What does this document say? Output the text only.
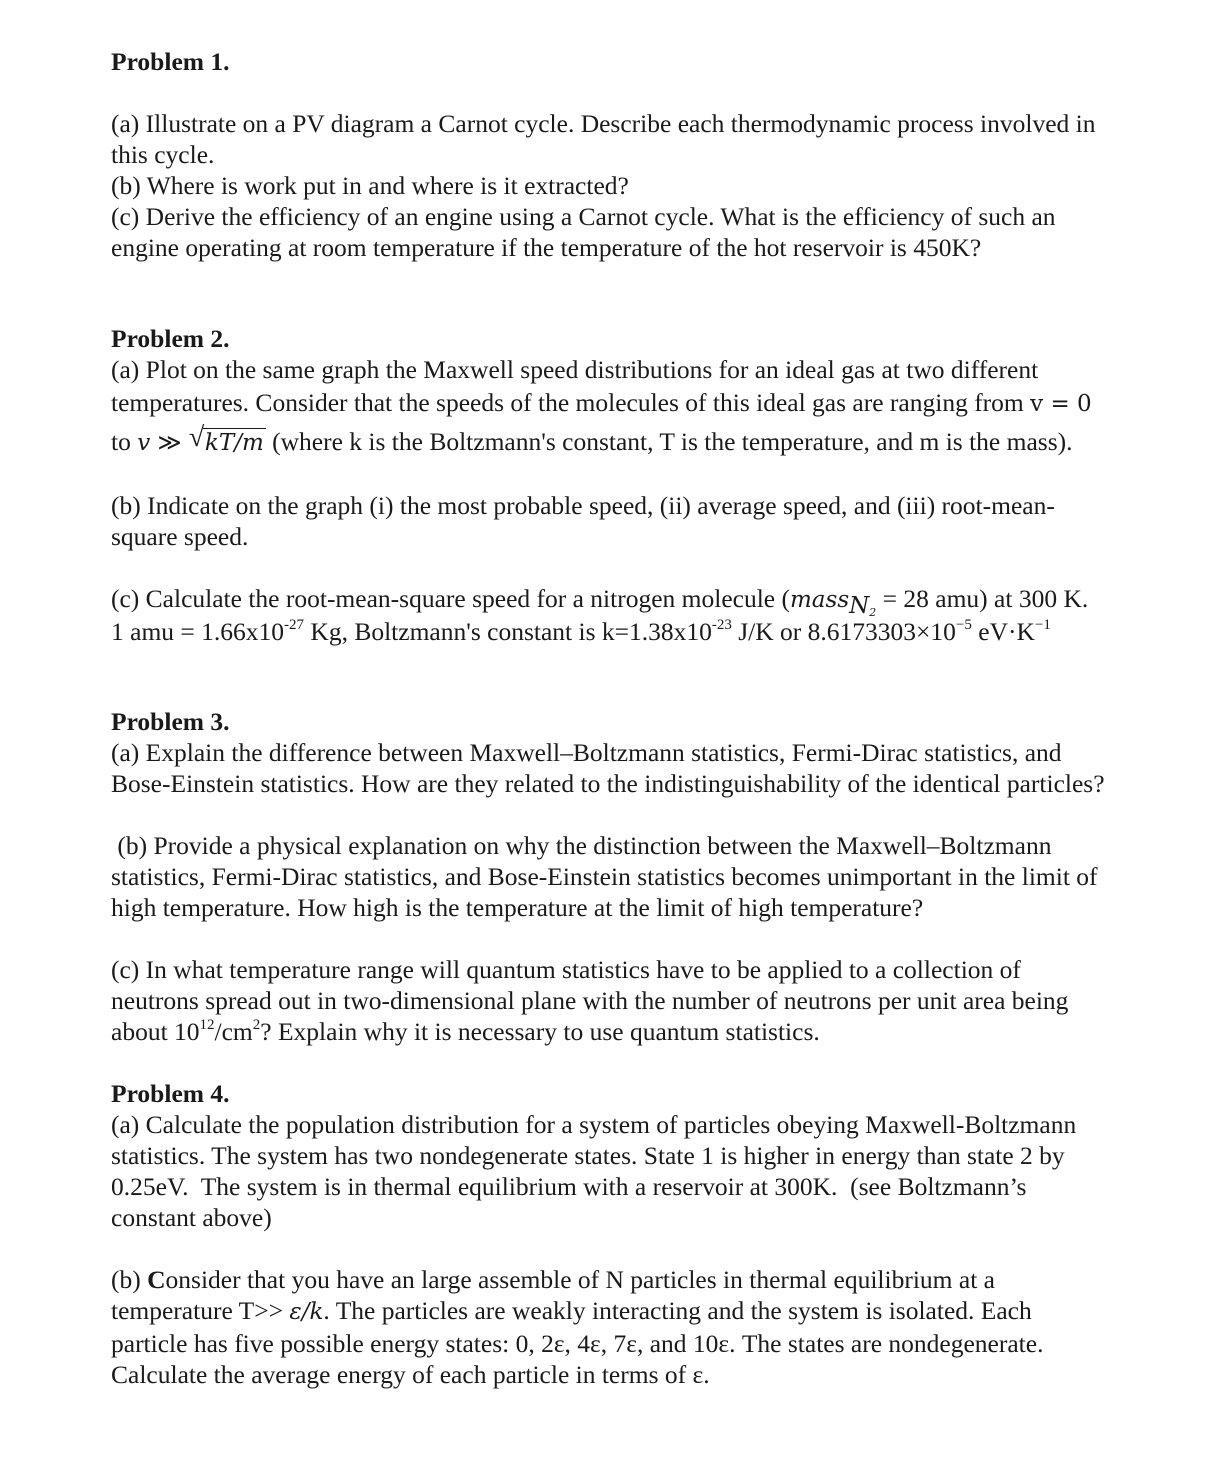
Problem 1.
(a) Illustrate on a PV diagram a Carnot cycle. Describe each thermodynamic process involved in
this cycle.
(b) Where is work put in and where is it extracted?
(c) Derive the efficiency of an engine using a Carnot cycle. What is the efficiency of such an
engine operating at room temperature if the temperature of the hot reservoir is 450K?
Problem 2.
(a) Plot on the same graph the Maxwell speed distributions for an ideal gas at two different
temperatures. Consider that the speeds of the molecules of this ideal gas are ranging from v = 0
to v ≫ √ kT/m (where k is the Boltzmann's constant, T is the temperature, and m is the mass).
(b) Indicate on the graph (i) the most probable speed, (ii) average speed, and (iii) root-mean-
square speed.
(c) Calculate the root-mean-square speed for a nitrogen molecule (mass$_{N2}$ = 28 amu) at 300 K.
1 amu = $1.66x10^{-27}$ Kg, Boltzmann's constant is $k=1.38x10^{-23}$ J/K or $8.6173303\times 10^{-5}$ $eV\cdot K^{-1}$
Problem 3.
(a) Explain the difference between Maxwell–Boltzmann statistics, Fermi-Dirac statistics, and
Bose-Einstein statistics. How are they related to the indistinguishability of the identical particles?
(b) Provide a physical explanation on why the distinction between the Maxwell–Boltzmann
statistics, Fermi-Dirac statistics, and Bose-Einstein statistics becomes unimportant in the limit of
high temperature. How high is the temperature at the limit of high temperature?
(c) In what temperature range will quantum statistics have to be applied to a collection of
neutrons spread out in two-dimensional plane with the number of neutrons per unit area being
about $10^{12}/cm^2$? Explain why it is necessary to use quantum statistics.
Problem 4.
(a) Calculate the population distribution for a system of particles obeying Maxwell-Boltzmann
statistics. The system has two nondegenerate states. State 1 is higher in energy than state 2 by
0.25eV.  The system is in thermal equilibrium with a reservoir at 300K.  (see Boltzmann’s
constant above)
(b) Consider that you have an large assemble of N particles in thermal equilibrium at a
temperature T>> ε/k. The particles are weakly interacting and the system is isolated. Each
particle has five possible energy states: 0, 2ε, 4ε, 7ε, and 10ε. The states are nondegenerate.
Calculate the average energy of each particle in terms of ε.
